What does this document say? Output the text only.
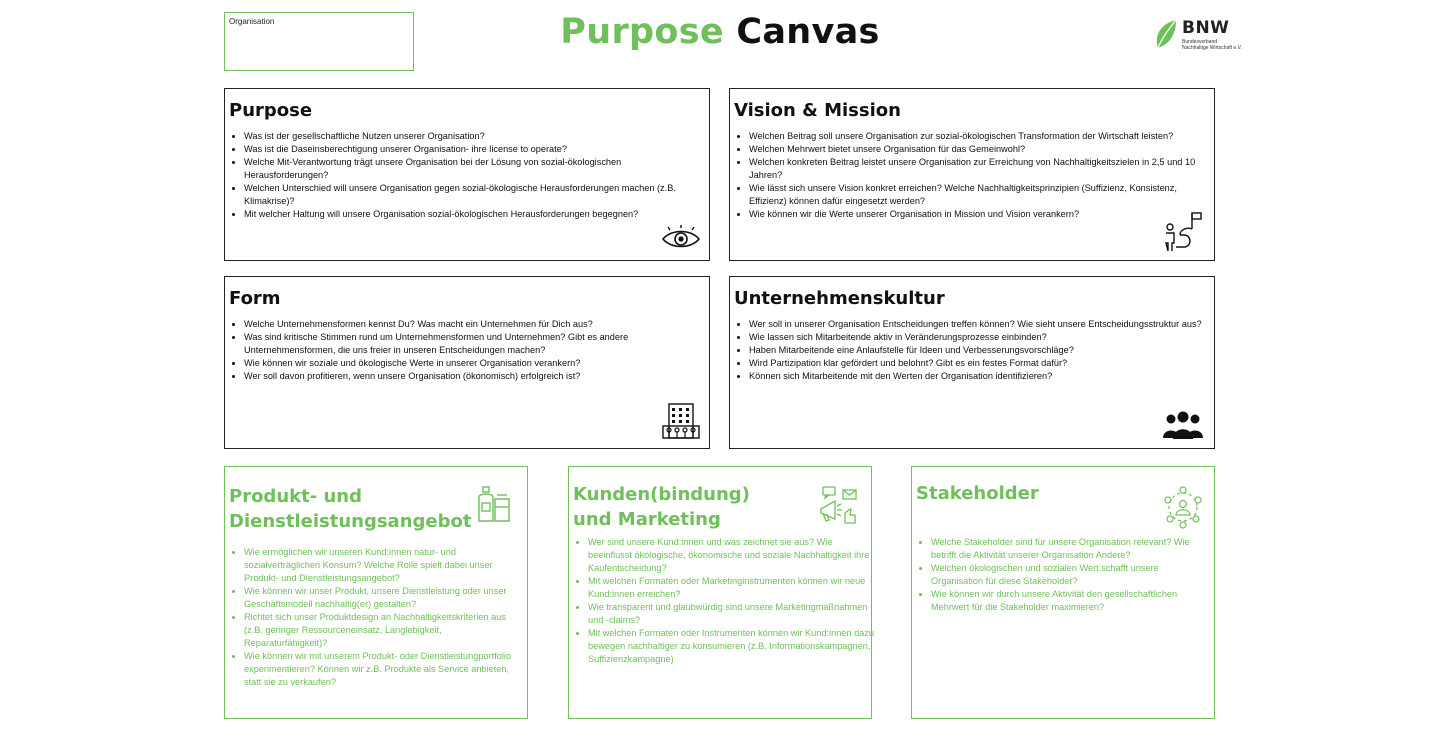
Organisation	Purpose Canvas	BNW
Bundesverband Nachhaltige Wirtschaft e.V.
Purpose
• Was ist der gesellschaftliche Nutzen unserer Organisation?
• Was ist die Daseinsberechtigung unserer Organisation- ihre license to operate?
• Welche Mit-Verantwortung trägt unsere Organisation bei der Lösung von sozial-ökologischen Herausforderungen?
• Welchen Unterschied will unsere Organisation gegen sozial-ökologische Herausforderungen machen (z.B. Klimakrise)?
• Mit welcher Haltung will unsere Organisation sozial-ökologischen Herausforderungen begegnen?
Vision & Mission
• Welchen Beitrag soll unsere Organisation zur sozial-ökologischen Transformation der Wirtschaft leisten?
• Welchen Mehrwert bietet unsere Organisation für das Gemeinwohl?
• Welchen konkreten Beitrag leistet unsere Organisation zur Erreichung von Nachhaltigkeitszielen in 2,5 und 10 Jahren?
• Wie lässt sich unsere Vision konkret erreichen? Welche Nachhaltigkeitsprinzipien (Suffizienz, Konsistenz, Effizienz) können dafür eingesetzt werden?
• Wie können wir die Werte unserer Organisation in Mission und Vision verankern?
Form
• Welche Unternehmensformen kennst Du? Was macht ein Unternehmen für Dich aus?
• Was sind kritische Stimmen rund um Unternehmensformen und Unternehmen? Gibt es andere Unternehmensformen, die uns freier in unseren Entscheidungen machen?
• Wie können wir soziale und ökologische Werte in unserer Organisation verankern?
• Wer soll davon profitieren, wenn unsere Organisation (ökonomisch) erfolgreich ist?
Unternehmenskultur
• Wer soll in unserer Organisation Entscheidungen treffen können? Wie sieht unsere Entscheidungsstruktur aus?
• Wie lassen sich Mitarbeitende aktiv in Veränderungsprozesse einbinden?
• Haben Mitarbeitende eine Anlaufstelle für Ideen und Verbesserungsvorschläge?
• Wird Partizipation klar gefördert und belohnt? Gibt es ein festes Format dafür?
• Können sich Mitarbeitende mit den Werten der Organisation identifizieren?
Produkt- und Dienstleistungsangebot
• Wie ermöglichen wir unseren Kund:innen natur- und sozialverträglichen Konsum? Welche Rolle spielt dabei unser Produkt- und Dienstleistungsangebot?
• Wie können wir unser Produkt, unsere Dienstleistung oder unser Geschäftsmodell nachhaltig(er) gestalten?
• Richtet sich unser Produktdesign an Nachhaltigkeitskriterien aus (z.B. geringer Ressourceneinsatz, Langlebigkeit, Reparaturfähigkeit)?
• Wie können wir mit unserem Produkt- oder Dienstleistungportfolio experimentieren? Können wir z.B. Produkte als Service anbieten, statt sie zu verkaufen?
Kunden(bindung) und Marketing
• Wer sind unsere Kund:innen und was zeichnet sie aus? Wie beeinflusst ökologische, ökonomische und soziale Nachhaltigkeit ihre Kaufentscheidung?
• Mit welchen Formaten oder Marketinginstrumenten können wir neue Kund:innen erreichen?
• Wie transparent und glaubwürdig sind unsere Marketingmaßnahmen und -claims?
• Mit welchen Formaten oder Instrumenten können wir Kund:innen dazu bewegen nachhaltiger zu konsumieren (z.B. Informationskampagnen, Suffizienzkampagne)
Stakeholder
• Welche Stakeholder sind für unsere Organisation relevant? Wie betrifft die Aktivität unserer Organisation Andere?
• Welchen ökologischen und sozialen Wert schafft unsere Organisation für diese Stakeholder?
• Wie können wir durch unsere Aktivität den gesellschaftlichen Mehrwert für die Stakeholder maximieren?
